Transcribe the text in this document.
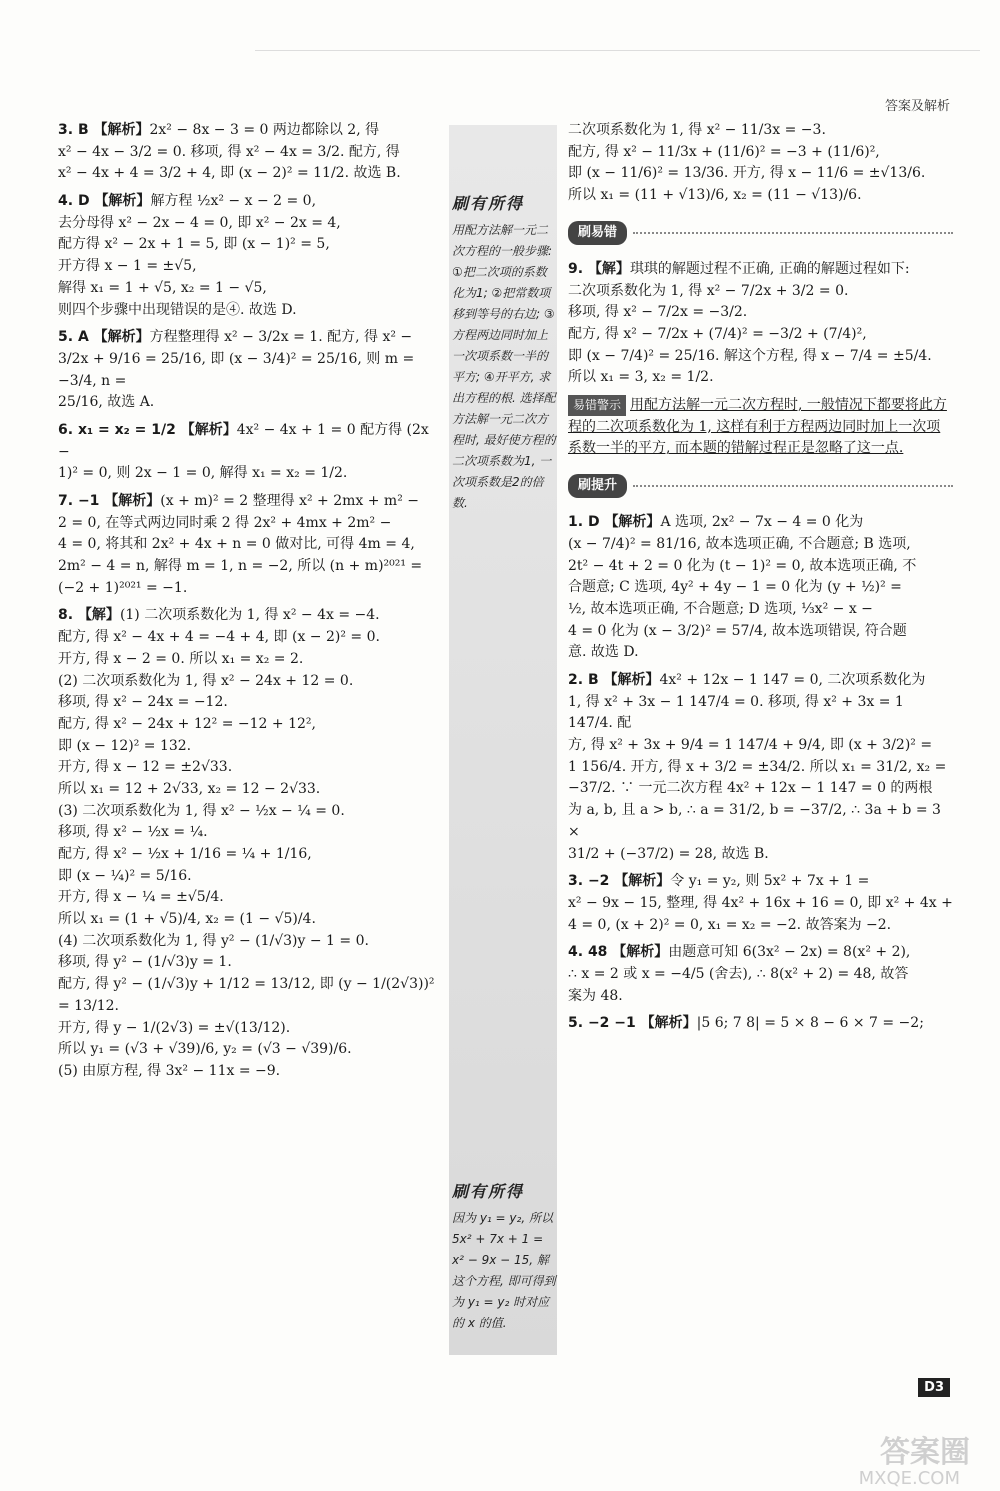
答案及解析
刷有所得
用配方法解一元二次方程的一般步骤: ①把二次项的系数化为1; ②把常数项移到等号的右边; ③方程两边同时加上一次项系数一半的平方; ④开平方, 求出方程的根. 选择配方法解一元二次方程时, 最好使方程的二次项系数为1, 一次项系数是2的倍数.
刷有所得
因为 y₁ = y₂, 所以 5x² + 7x + 1 = x² − 9x − 15, 解这个方程, 即可得到为 y₁ = y₂ 时对应的 x 的值.

3. B 【解析】2x² − 8x − 3 = 0 两边都除以 2, 得

x² − 4x − 3/2 = 0. 移项, 得 x² − 4x = 3/2. 配方, 得

x² − 4x + 4 = 3/2 + 4, 即 (x − 2)² = 11/2. 故选 B.

4. D 【解析】解方程 ½x² − x − 2 = 0,

去分母得 x² − 2x − 4 = 0, 即 x² − 2x = 4,

配方得 x² − 2x + 1 = 5, 即 (x − 1)² = 5,

开方得 x − 1 = ±√5,

解得 x₁ = 1 + √5, x₂ = 1 − √5,

则四个步骤中出现错误的是④. 故选 D.

5. A 【解析】方程整理得 x² − 3/2x = 1. 配方, 得 x² −

3/2x + 9/16 = 25/16, 即 (x − 3/4)² = 25/16, 则 m = −3/4, n =

25/16, 故选 A.

6. x₁ = x₂ = 1/2 【解析】4x² − 4x + 1 = 0 配方得 (2x −

1)² = 0, 则 2x − 1 = 0, 解得 x₁ = x₂ = 1/2.

7. −1 【解析】(x + m)² = 2 整理得 x² + 2mx + m² −

2 = 0, 在等式两边同时乘 2 得 2x² + 4mx + 2m² −

4 = 0, 将其和 2x² + 4x + n = 0 做对比, 可得 4m = 4,

2m² − 4 = n, 解得 m = 1, n = −2, 所以 (n + m)²⁰²¹ =

(−2 + 1)²⁰²¹ = −1.

8. 【解】(1) 二次项系数化为 1, 得 x² − 4x = −4.

配方, 得 x² − 4x + 4 = −4 + 4, 即 (x − 2)² = 0.

开方, 得 x − 2 = 0. 所以 x₁ = x₂ = 2.

(2) 二次项系数化为 1, 得 x² − 24x + 12 = 0.

移项, 得 x² − 24x = −12.

配方, 得 x² − 24x + 12² = −12 + 12²,

即 (x − 12)² = 132.

开方, 得 x − 12 = ±2√33.

所以 x₁ = 12 + 2√33, x₂ = 12 − 2√33.

(3) 二次项系数化为 1, 得 x² − ½x − ¼ = 0.

移项, 得 x² − ½x = ¼.

配方, 得 x² − ½x + 1/16 = ¼ + 1/16,

即 (x − ¼)² = 5/16.

开方, 得 x − ¼ = ±√5/4.

所以 x₁ = (1 + √5)/4, x₂ = (1 − √5)/4.

(4) 二次项系数化为 1, 得 y² − (1/√3)y − 1 = 0.

移项, 得 y² − (1/√3)y = 1.

配方, 得 y² − (1/√3)y + 1/12 = 13/12, 即 (y − 1/(2√3))² = 13/12.

开方, 得 y − 1/(2√3) = ±√(13/12).

所以 y₁ = (√3 + √39)/6, y₂ = (√3 − √39)/6.

(5) 由原方程, 得 3x² − 11x = −9.

二次项系数化为 1, 得 x² − 11/3x = −3.

配方, 得 x² − 11/3x + (11/6)² = −3 + (11/6)²,

即 (x − 11/6)² = 13/36. 开方, 得 x − 11/6 = ±√13/6.

所以 x₁ = (11 + √13)/6, x₂ = (11 − √13)/6.

刷易错

9. 【解】琪琪的解题过程不正确, 正确的解题过程如下:

二次项系数化为 1, 得 x² − 7/2x + 3/2 = 0.

移项, 得 x² − 7/2x = −3/2.

配方, 得 x² − 7/2x + (7/4)² = −3/2 + (7/4)²,

即 (x − 7/4)² = 25/16. 解这个方程, 得 x − 7/4 = ±5/4.

所以 x₁ = 3, x₂ = 1/2.

易错警示 用配方法解一元二次方程时, 一般情况下都要将此方程的二次项系数化为 1, 这样有利于方程两边同时加上一次项系数一半的平方, 而本题的错解过程正是忽略了这一点.
刷提升

1. D 【解析】A 选项, 2x² − 7x − 4 = 0 化为

(x − 7/4)² = 81/16, 故本选项正确, 不合题意; B 选项,

2t² − 4t + 2 = 0 化为 (t − 1)² = 0, 故本选项正确, 不

合题意; C 选项, 4y² + 4y − 1 = 0 化为 (y + ½)² =

½, 故本选项正确, 不合题意; D 选项, ⅓x² − x −

4 = 0 化为 (x − 3/2)² = 57/4, 故本选项错误, 符合题

意. 故选 D.

2. B 【解析】4x² + 12x − 1 147 = 0, 二次项系数化为

1, 得 x² + 3x − 1 147/4 = 0. 移项, 得 x² + 3x = 1 147/4. 配

方, 得 x² + 3x + 9/4 = 1 147/4 + 9/4, 即 (x + 3/2)² =

1 156/4. 开方, 得 x + 3/2 = ±34/2. 所以 x₁ = 31/2, x₂ =

−37/2. ∵ 一元二次方程 4x² + 12x − 1 147 = 0 的两根

为 a, b, 且 a > b, ∴ a = 31/2, b = −37/2, ∴ 3a + b = 3 ×

31/2 + (−37/2) = 28, 故选 B.

3. −2 【解析】令 y₁ = y₂, 则 5x² + 7x + 1 =

x² − 9x − 15, 整理, 得 4x² + 16x + 16 = 0, 即 x² + 4x +

4 = 0, (x + 2)² = 0, x₁ = x₂ = −2. 故答案为 −2.

4. 48 【解析】由题意可知 6(3x² − 2x) = 8(x² + 2),

∴ x = 2 或 x = −4/5 (舍去), ∴ 8(x² + 2) = 48, 故答

案为 48.

5. −2 −1 【解析】|5 6; 7 8| = 5 × 8 − 6 × 7 = −2;

D3
答案圈
MXQE.COM
